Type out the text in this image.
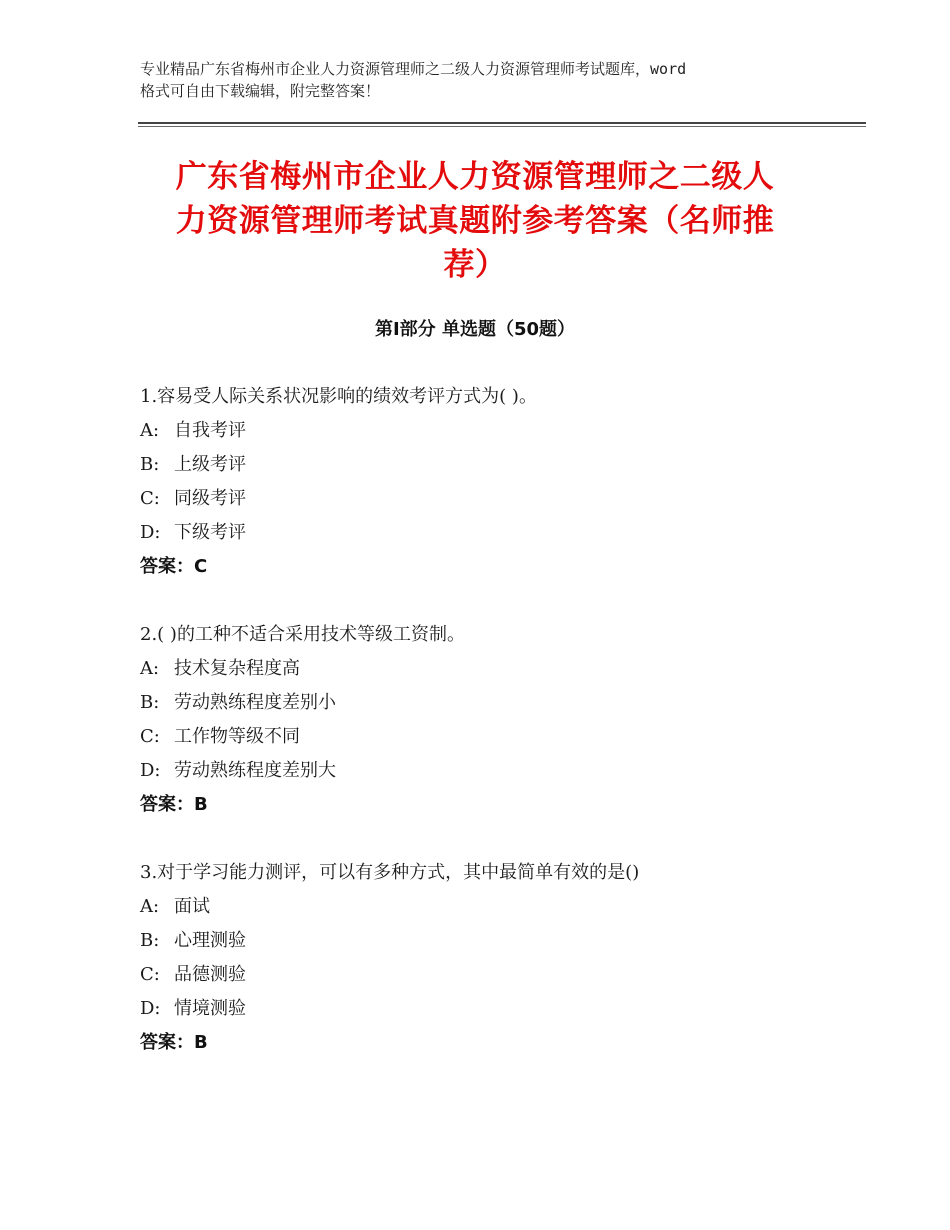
专业精品广东省梅州市企业人力资源管理师之二级人力资源管理师考试题库，word
格式可自由下载编辑，附完整答案！
广东省梅州市企业人力资源管理师之二级人
力资源管理师考试真题附参考答案（名师推
荐）
第Ⅰ部分 单选题（50题）
1.容易受人际关系状况影响的绩效考评方式为( )。
A: 自我考评
B: 上级考评
C: 同级考评
D: 下级考评
答案：C
2.( )的工种不适合采用技术等级工资制。
A: 技术复杂程度高
B: 劳动熟练程度差别小
C: 工作物等级不同
D: 劳动熟练程度差别大
答案：B
3.对于学习能力测评，可以有多种方式，其中最简单有效的是()
A: 面试
B: 心理测验
C: 品德测验
D: 情境测验
答案：B
